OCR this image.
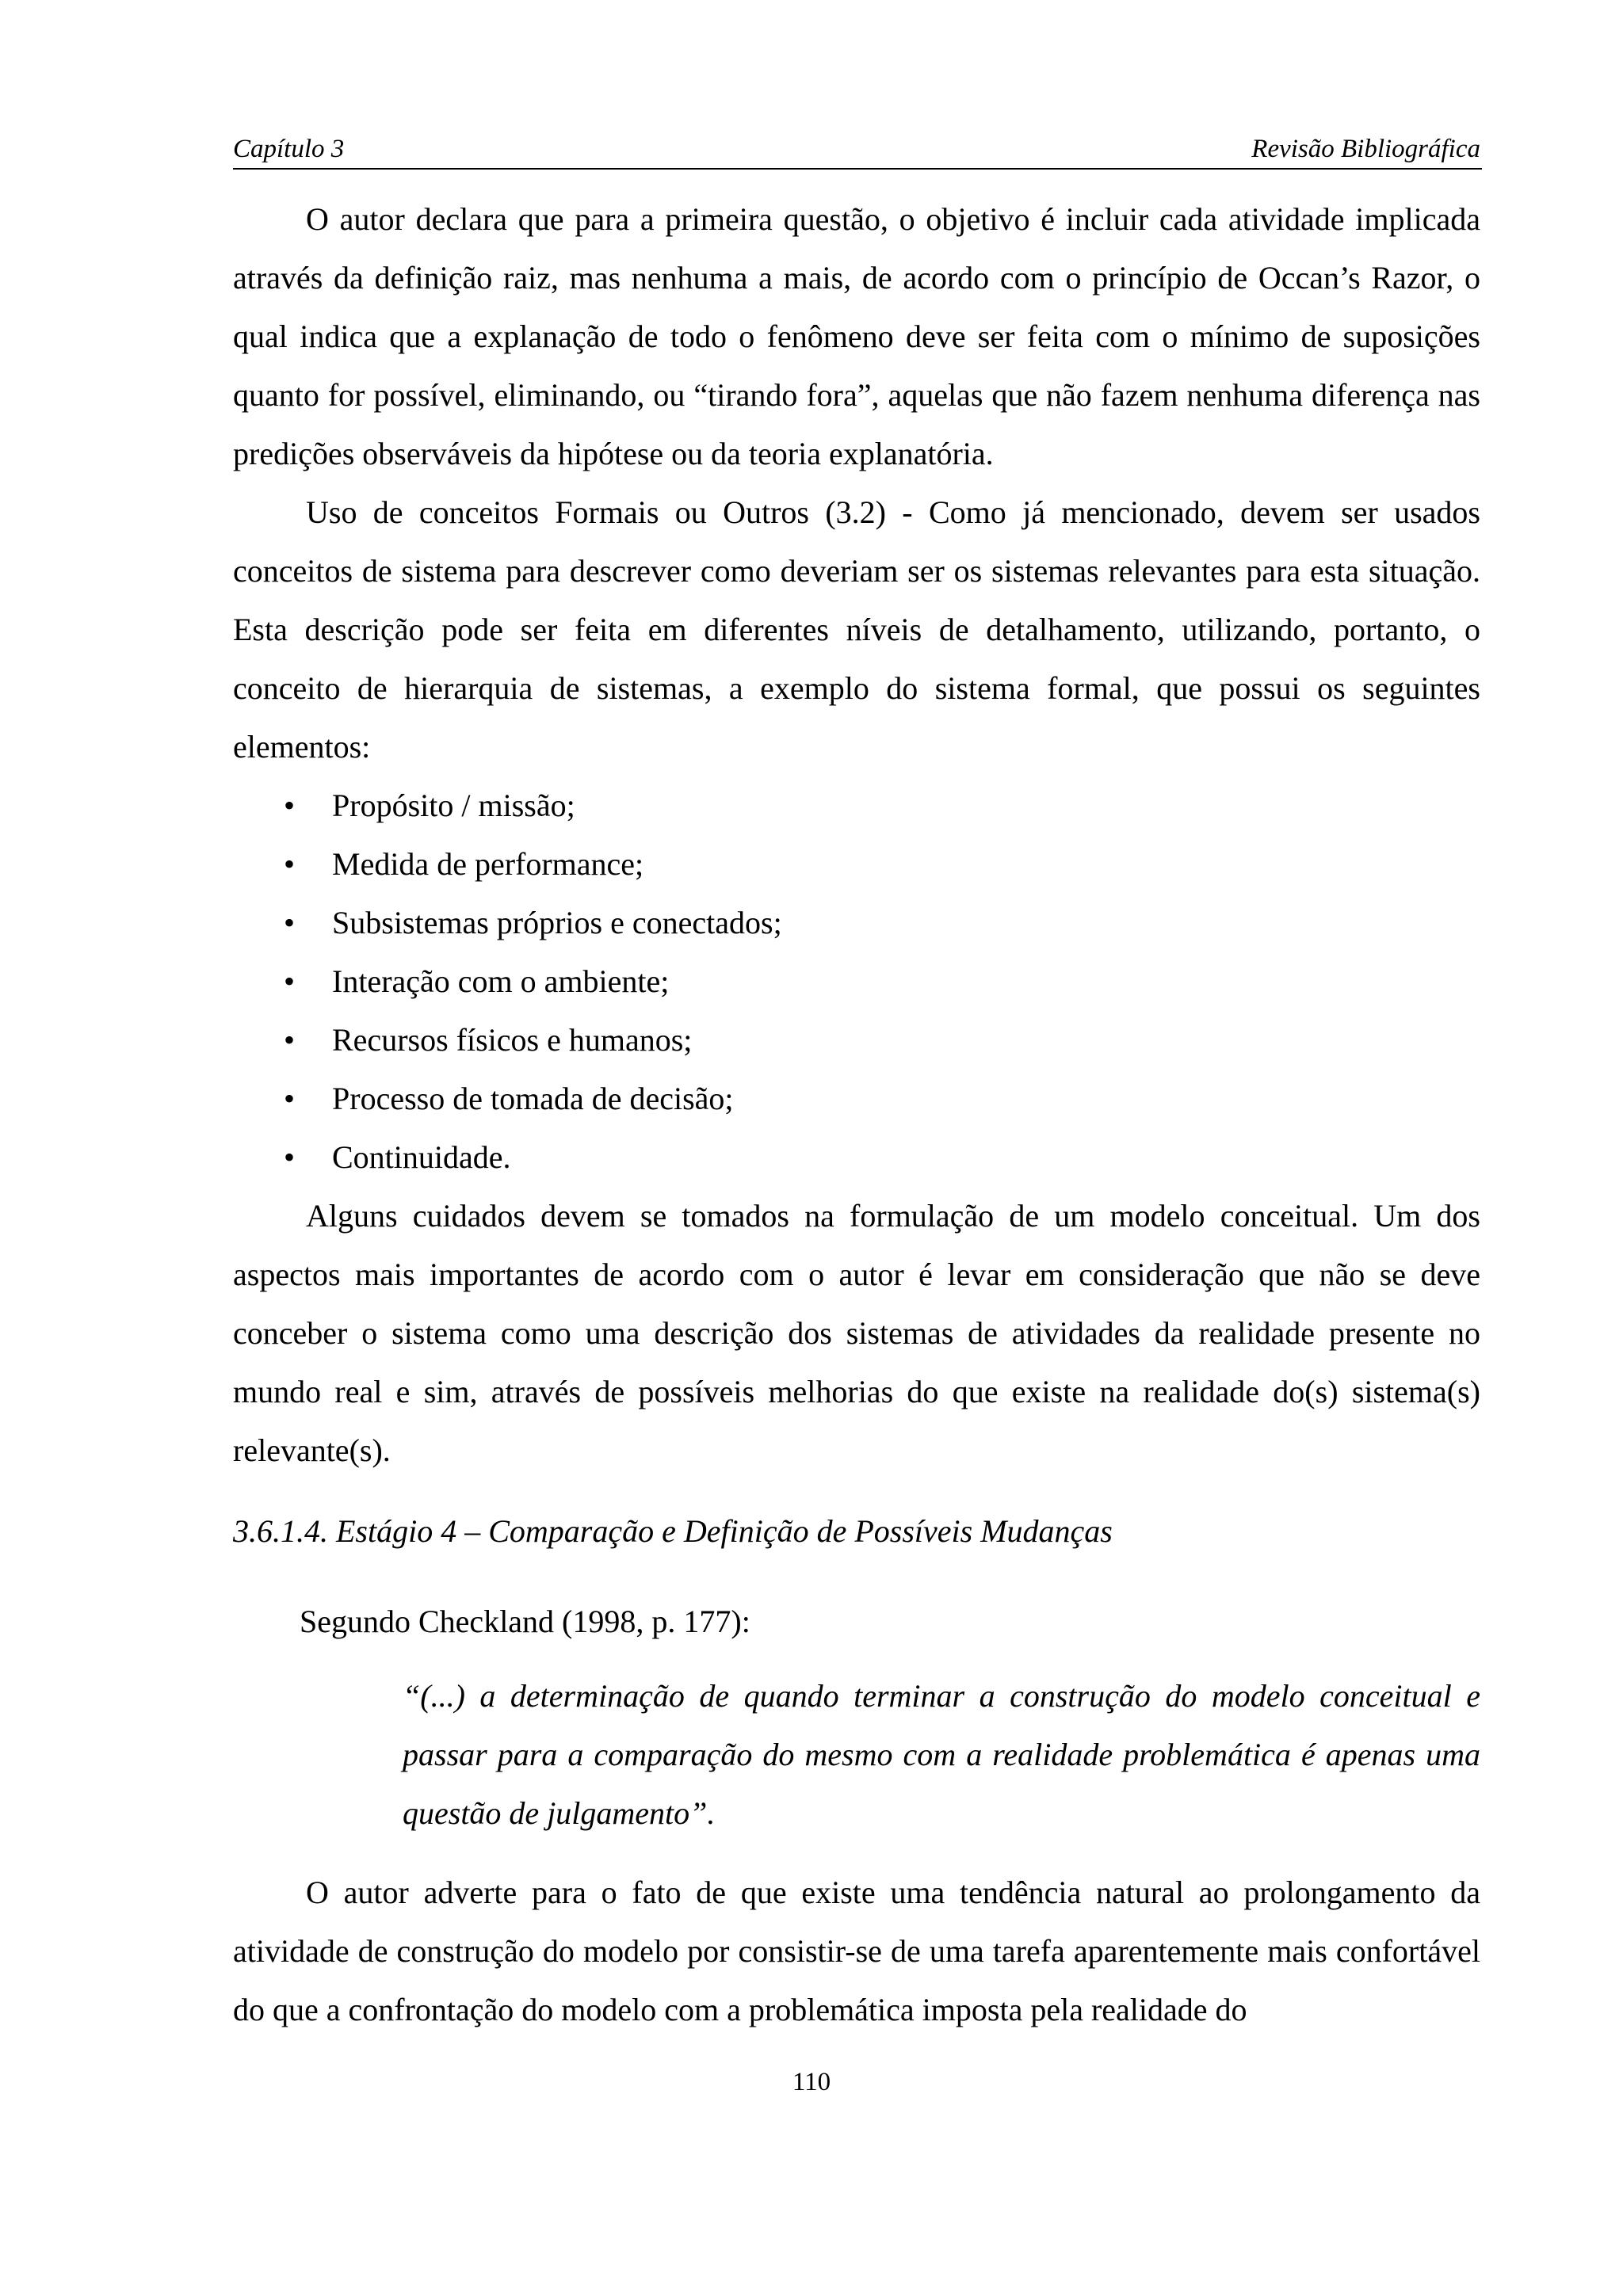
Capítulo 3	Revisão Bibliográfica

O autor declara que para a primeira questão, o objetivo é incluir cada atividade implicada através da definição raiz, mas nenhuma a mais, de acordo com o princípio de Occan’s Razor, o qual indica que a explanação de todo o fenômeno deve ser feita com o mínimo de suposições quanto for possível, eliminando, ou “tirando fora”, aquelas que não fazem nenhuma diferença nas predições observáveis da hipótese ou da teoria explanatória.

Uso de conceitos Formais ou Outros (3.2) - Como já mencionado, devem ser usados conceitos de sistema para descrever como deveriam ser os sistemas relevantes para esta situação. Esta descrição pode ser feita em diferentes níveis de detalhamento, utilizando, portanto, o conceito de hierarquia de sistemas, a exemplo do sistema formal, que possui os seguintes elementos:

• Propósito / missão;
• Medida de performance;
• Subsistemas próprios e conectados;
• Interação com o ambiente;
• Recursos físicos e humanos;
• Processo de tomada de decisão;
• Continuidade.

Alguns cuidados devem se tomados na formulação de um modelo conceitual. Um dos aspectos mais importantes de acordo com o autor é levar em consideração que não se deve conceber o sistema como uma descrição dos sistemas de atividades da realidade presente no mundo real e sim, através de possíveis melhorias do que existe na realidade do(s) sistema(s) relevante(s).

3.6.1.4. Estágio 4 – Comparação e Definição de Possíveis Mudanças

Segundo Checkland (1998, p. 177):

“(...) a determinação de quando terminar a construção do modelo conceitual e passar para a comparação do mesmo com a realidade problemática é apenas uma questão de julgamento”.

O autor adverte para o fato de que existe uma tendência natural ao prolongamento da atividade de construção do modelo por consistir-se de uma tarefa aparentemente mais confortável do que a confrontação do modelo com a problemática imposta pela realidade do

110
